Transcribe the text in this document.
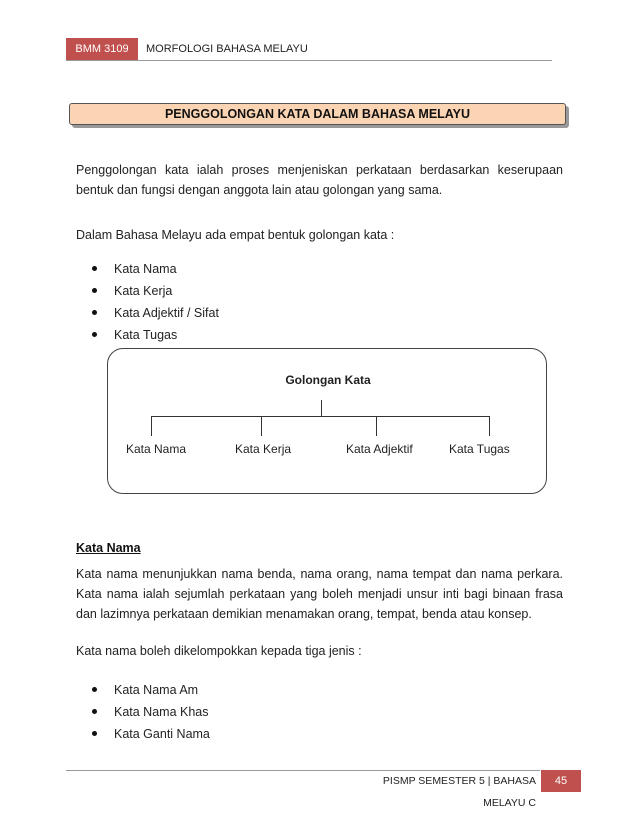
BMM 3109	MORFOLOGI BAHASA MELAYU
PENGGOLONGAN KATA DALAM BAHASA MELAYU

Penggolongan kata ialah proses menjeniskan perkataan berdasarkan keserupaan bentuk dan fungsi dengan anggota lain atau golongan yang sama.

Dalam Bahasa Melayu ada empat bentuk golongan kata :

Kata Nama
Kata Kerja
Kata Adjektif / Sifat
Kata Tugas
Golongan Kata
Kata Nama	Kata Kerja	Kata Adjektif	Kata Tugas
Kata Nama

Kata nama menunjukkan nama benda, nama orang, nama tempat dan nama perkara. Kata nama ialah sejumlah perkataan yang boleh menjadi unsur inti bagi binaan frasa dan lazimnya perkataan demikian menamakan orang, tempat, benda atau konsep.

Kata nama boleh dikelompokkan kepada tiga jenis :

Kata Nama Am
Kata Nama Khas
Kata Ganti Nama
PISMP SEMESTER 5 | BAHASA MELAYU C
45
